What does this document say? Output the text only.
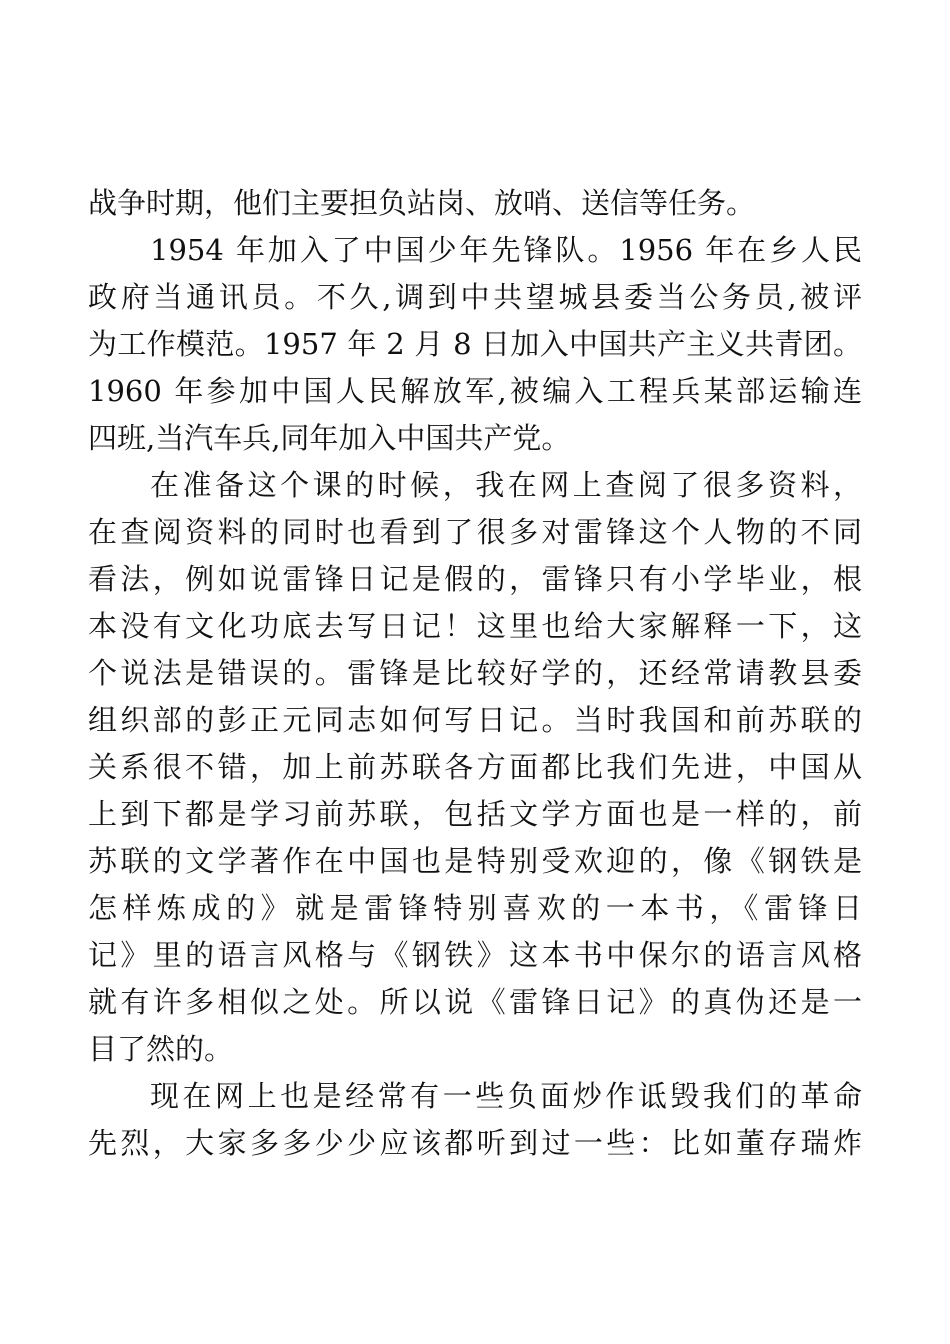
战争时期，他们主要担负站岗、放哨、送信等任务。
1954 年加入了中国少年先锋队。1956 年在乡人民
政府当通讯员。不久,调到中共望城县委当公务员,被评
为工作模范。1957 年 2 月 8 日加入中国共产主义共青团。
1960 年参加中国人民解放军,被编入工程兵某部运输连
四班,当汽车兵,同年加入中国共产党。
在准备这个课的时候，我在网上查阅了很多资料，
在查阅资料的同时也看到了很多对雷锋这个人物的不同
看法，例如说雷锋日记是假的，雷锋只有小学毕业，根
本没有文化功底去写日记！这里也给大家解释一下，这
个说法是错误的。雷锋是比较好学的，还经常请教县委
组织部的彭正元同志如何写日记。当时我国和前苏联的
关系很不错，加上前苏联各方面都比我们先进，中国从
上到下都是学习前苏联，包括文学方面也是一样的，前
苏联的文学著作在中国也是特别受欢迎的，像《钢铁是
怎样炼成的》就是雷锋特别喜欢的一本书，《雷锋日
记》里的语言风格与《钢铁》这本书中保尔的语言风格
就有许多相似之处。所以说《雷锋日记》的真伪还是一
目了然的。
现在网上也是经常有一些负面炒作诋毁我们的革命
先烈，大家多多少少应该都听到过一些：比如董存瑞炸
